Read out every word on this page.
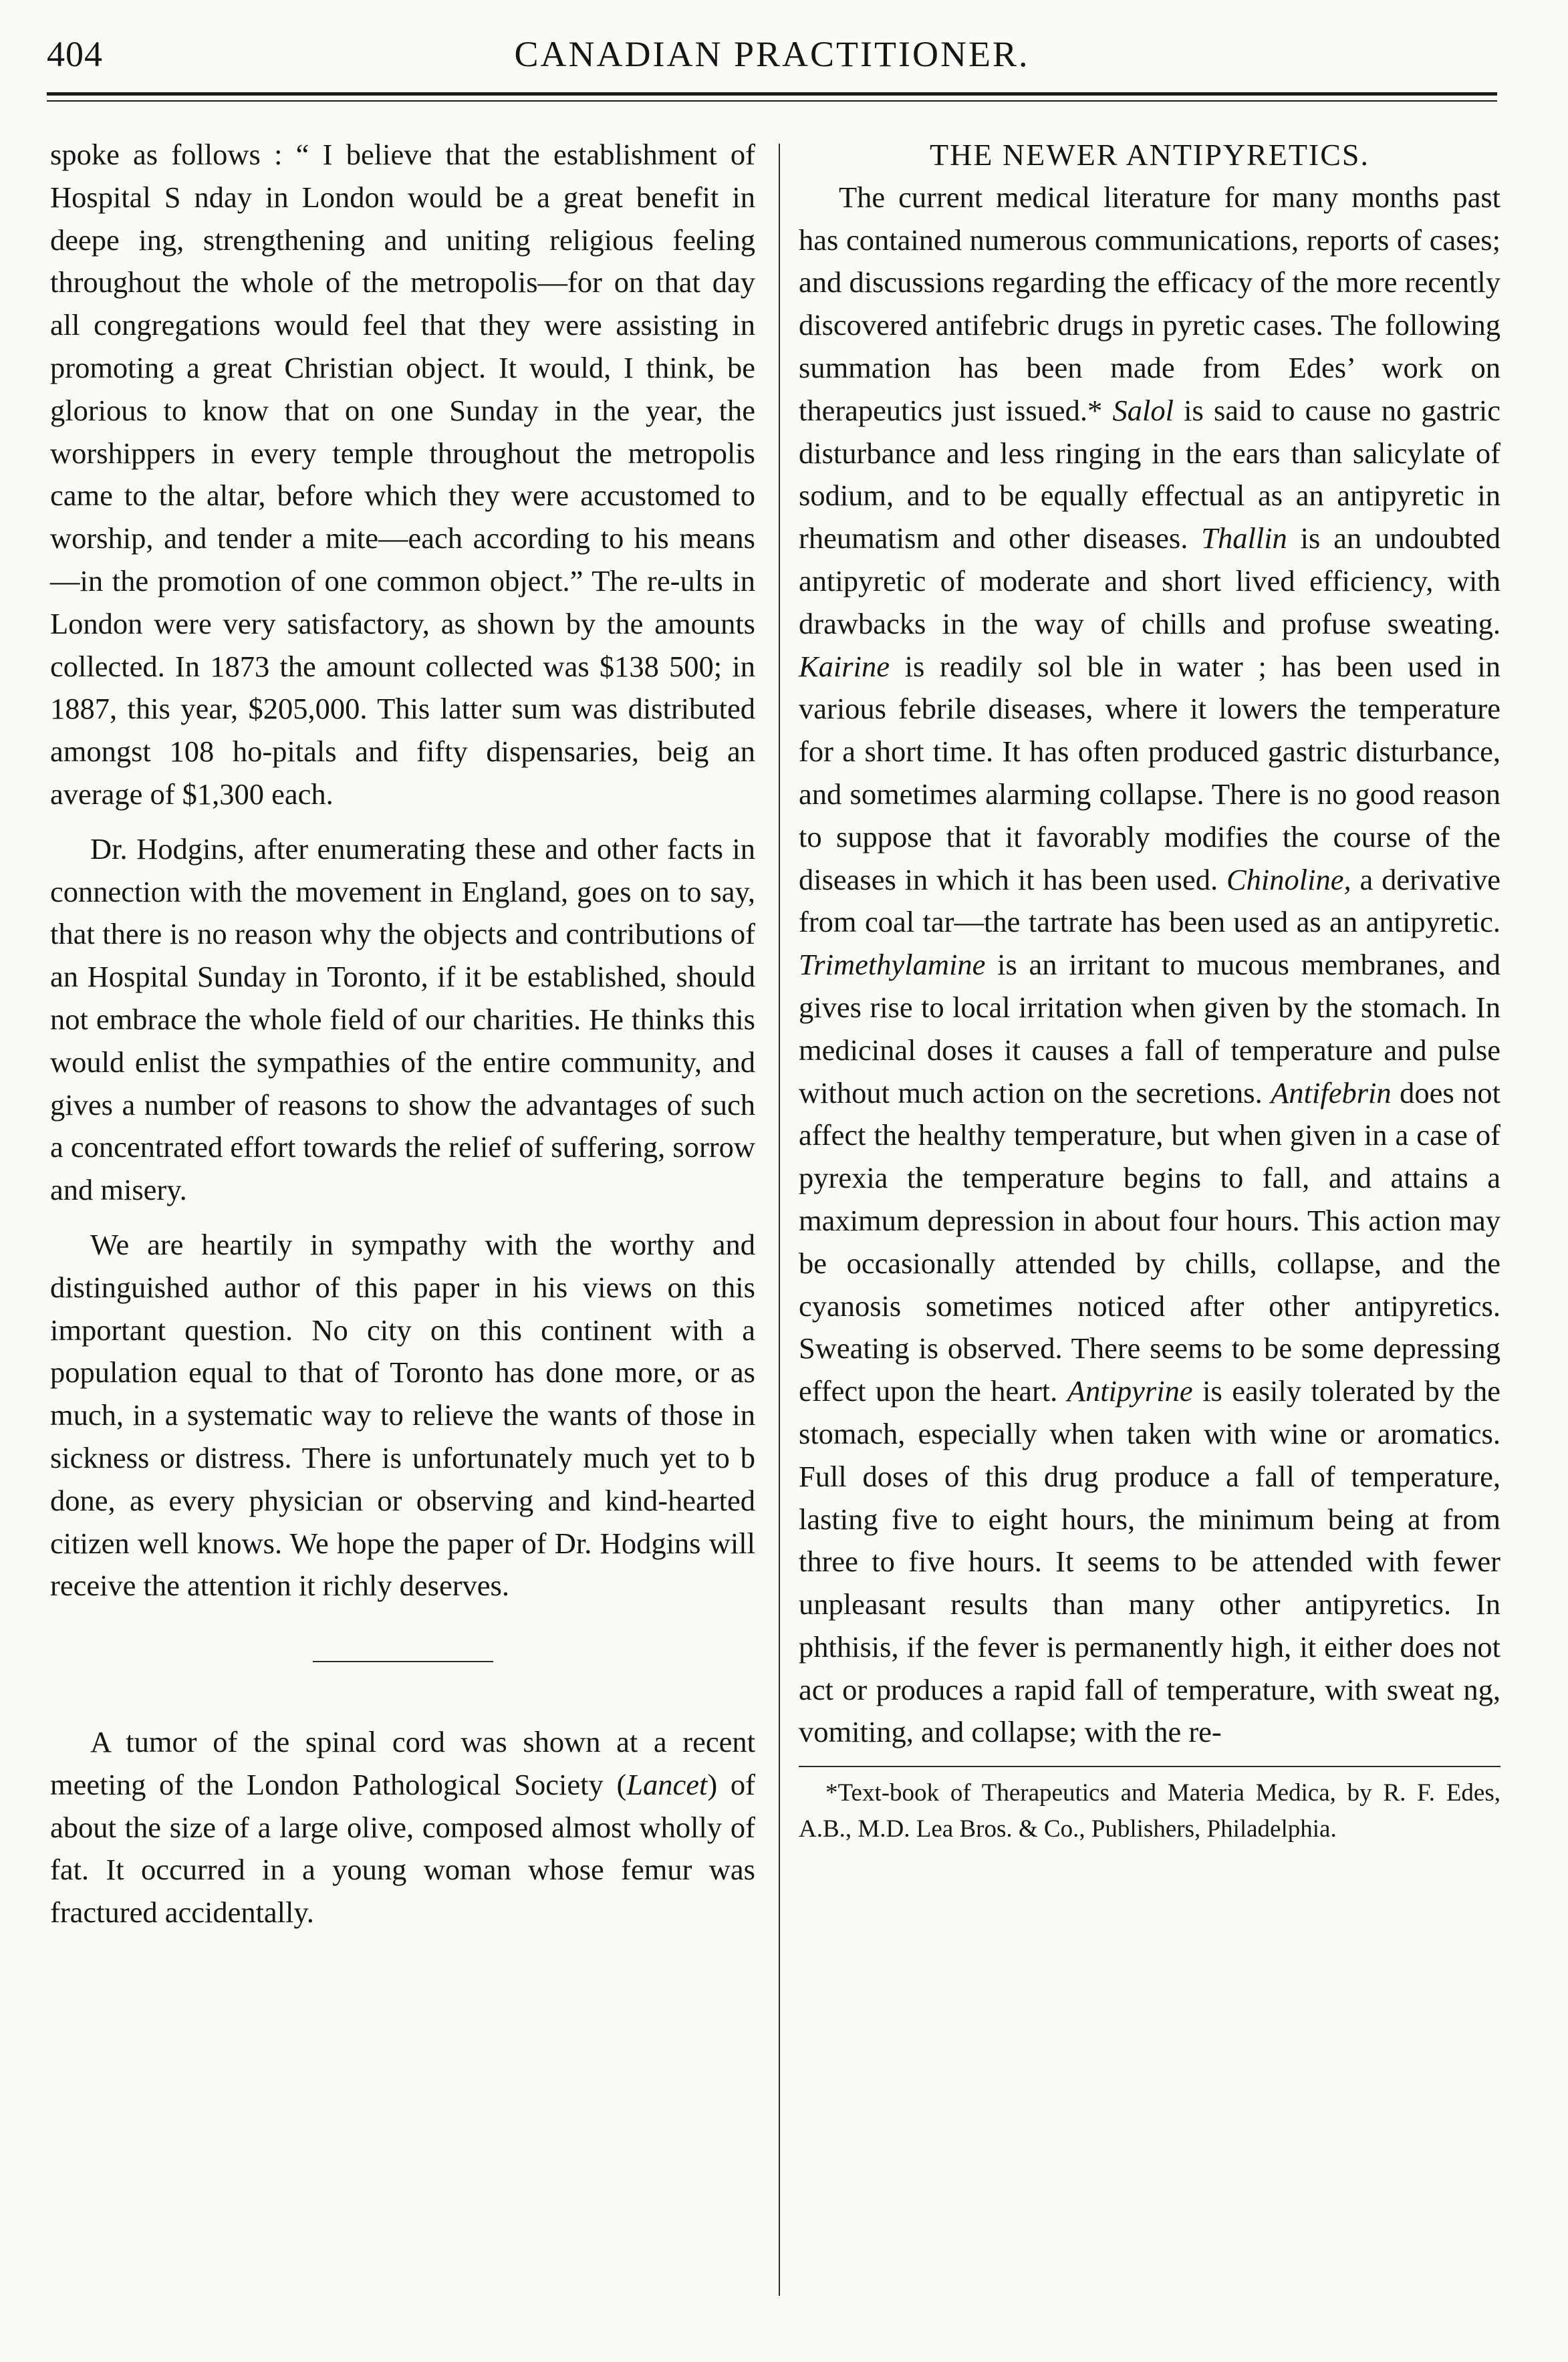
404	CANADIAN PRACTITIONER.

spoke as follows : “ I believe that the establishment of Hospital S nday in London would be a great benefit in deepe ing, strengthening and uniting religious feeling throughout the whole of the metropolis—for on that day all congregations would feel that they were assisting in promoting a great Christian object. It would, I think, be glorious to know that on one Sunday in the year, the worshippers in every temple throughout the metropolis came to the altar, before which they were accustomed to worship, and tender a mite—each according to his means—in the promotion of one common object.” The re-ults in London were very satisfactory, as shown by the amounts collected. In 1873 the amount collected was $138 500; in 1887, this year, $205,000. This latter sum was distributed amongst 108 ho-pitals and fifty dispensaries, beig an average of $1,300 each.

Dr. Hodgins, after enumerating these and other facts in connection with the movement in England, goes on to say, that there is no reason why the objects and contributions of an Hospital Sunday in Toronto, if it be established, should not embrace the whole field of our charities. He thinks this would enlist the sympathies of the entire community, and gives a number of reasons to show the advantages of such a concentrated effort towards the relief of suffering, sorrow and misery.

We are heartily in sympathy with the worthy and distinguished author of this paper in his views on this important question. No city on this continent with a population equal to that of Toronto has done more, or as much, in a systematic way to relieve the wants of those in sickness or distress. There is unfortunately much yet to b done, as every physician or observing and kind-hearted citizen well knows. We hope the paper of Dr. Hodgins will receive the attention it richly deserves.

A tumor of the spinal cord was shown at a recent meeting of the London Pathological Society (Lancet) of about the size of a large olive, composed almost wholly of fat. It occurred in a young woman whose femur was fractured accidentally.

THE NEWER ANTIPYRETICS.

The current medical literature for many months past has contained numerous communications, reports of cases; and discussions regarding the efficacy of the more recently discovered antifebric drugs in pyretic cases. The following summation has been made from Edes’ work on therapeutics just issued.* Salol is said to cause no gastric disturbance and less ringing in the ears than salicylate of sodium, and to be equally effectual as an antipyretic in rheumatism and other diseases. Thallin is an undoubted antipyretic of moderate and short lived efficiency, with drawbacks in the way of chills and profuse sweating. Kairine is readily sol ble in water ; has been used in various febrile diseases, where it lowers the temperature for a short time. It has often produced gastric disturbance, and sometimes alarming collapse. There is no good reason to suppose that it favorably modifies the course of the diseases in which it has been used. Chinoline, a derivative from coal tar—the tartrate has been used as an antipyretic. Trimethylamine is an irritant to mucous membranes, and gives rise to local irritation when given by the stomach. In medicinal doses it causes a fall of temperature and pulse without much action on the secretions. Antifebrin does not affect the healthy temperature, but when given in a case of pyrexia the temperature begins to fall, and attains a maximum depression in about four hours. This action may be occasionally attended by chills, collapse, and the cyanosis sometimes noticed after other antipyretics. Sweating is observed. There seems to be some depressing effect upon the heart. Antipyrine is easily tolerated by the stomach, especially when taken with wine or aromatics. Full doses of this drug produce a fall of temperature, lasting five to eight hours, the minimum being at from three to five hours. It seems to be attended with fewer unpleasant results than many other antipyretics. In phthisis, if the fever is permanently high, it either does not act or produces a rapid fall of temperature, with sweat ng, vomiting, and collapse; with the re-

*Text-book of Therapeutics and Materia Medica, by R. F. Edes, A.B., M.D. Lea Bros. & Co., Publishers, Philadelphia.
